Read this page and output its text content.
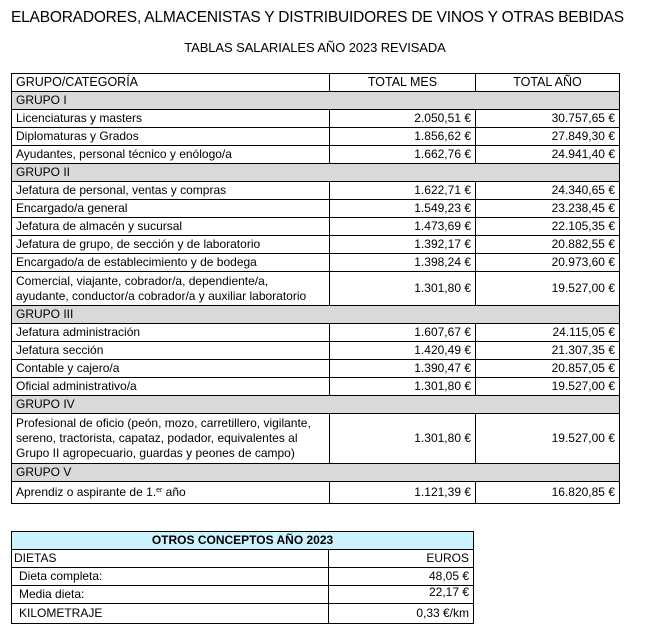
ELABORADORES, ALMACENISTAS Y DISTRIBUIDORES DE VINOS Y OTRAS BEBIDAS
TABLAS SALARIALES AÑO 2023 REVISADA
GRUPO/CATEGORÍA	TOTAL MES	TOTAL AÑO
GRUPO I		
Licenciaturas y masters	2.050,51 €	30.757,65 €
Diplomaturas y Grados	1.856,62 €	27.849,30 €
Ayudantes, personal técnico y enólogo/a	1.662,76 €	24.941,40 €
GRUPO II		
Jefatura de personal, ventas y compras	1.622,71 €	24.340,65 €
Encargado/a general	1.549,23 €	23.238,45 €
Jefatura de almacén y sucursal	1.473,69 €	22.105,35 €
Jefatura de grupo, de sección y de laboratorio	1.392,17 €	20.882,55 €
Encargado/a de establecimiento y de bodega	1.398,24 €	20.973,60 €

Comercial, viajante, cobrador/a, dependiente/a,
ayudante, conductor/a cobrador/a y auxiliar laboratorio	1.301,80 €	19.527,00 €
GRUPO III		
Jefatura administración	1.607,67 €	24.115,05 €
Jefatura sección	1.420,49 €	21.307,35 €
Contable y cajero/a	1.390,47 €	20.857,05 €
Oficial administrativo/a	1.301,80 €	19.527,00 €
GRUPO IV		

Profesional de oficio (peón, mozo, carretillero, vigilante,
sereno, tractorista, capataz, podador, equivalentes al
Grupo II agropecuario, guardas y peones de campo)	1.301,80 €	19.527,00 €
GRUPO V		
Aprendiz o aspirante de 1.$^{er}$ año	1.121,39 €	16.820,85 €
OTROS CONCEPTOS AÑO 2023	
DIETAS	EUROS
Dieta completa:	48,05 €
Media dieta:	22,17 €
KILOMETRAJE	0,33 €/km
